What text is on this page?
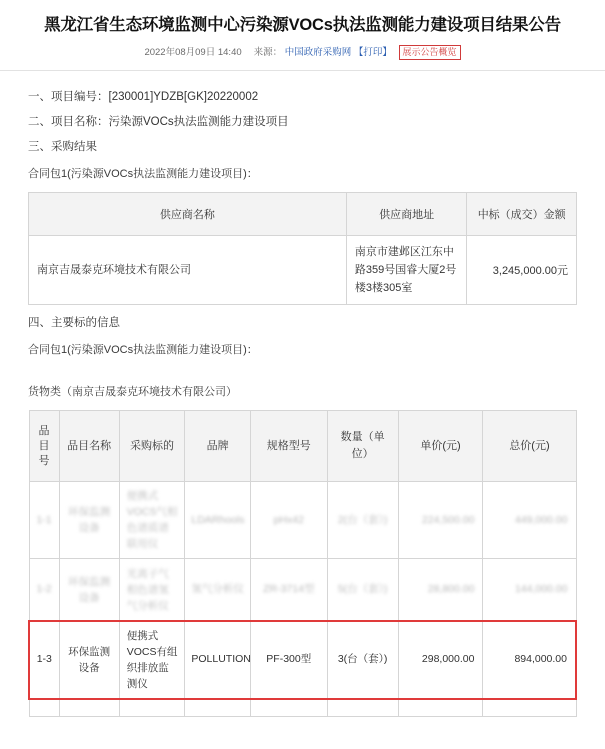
黑龙江省生态环境监测中心污染源VOCs执法监测能力建设项目结果公告
2022年08月09日 14:40 来源： 中国政府采购网 【打印】 展示公告概览
一、项目编号：[230001]YDZB[GK]20220002
二、项目名称：污染源VOCs执法监测能力建设项目
三、采购结果
合同包1(污染源VOCs执法监测能力建设项目)：
供应商名称	供应商地址	中标（成交）金额
南京吉晟泰克环境技术有限公司	南京市建邺区江东中路359号国睿大厦2号楼3楼305室	3,245,000.00元
四、主要标的信息
合同包1(污染源VOCs执法监测能力建设项目)：
货物类（南京吉晟泰克环境技术有限公司）
品目号	品目名称	采购标的	品牌	规格型号	数量（单位）	单价(元)	总价(元)
1-1	环保监测设备	便携式VOCS气相色谱质谱联用仪	LDARhools	pHx42	2(台（套）)	224,500.00	449,000.00
1-2	环保监测设备	光离子气相色谱氢气分析仪	氢气分析仪	ZR-3714型	5(台（套）)	28,800.00	144,000.00
1-3	环保监测设备	便携式VOCS有组织排放监测仪	POLLUTION	PF-300型	3(台（套）)	298,000.00	894,000.00
